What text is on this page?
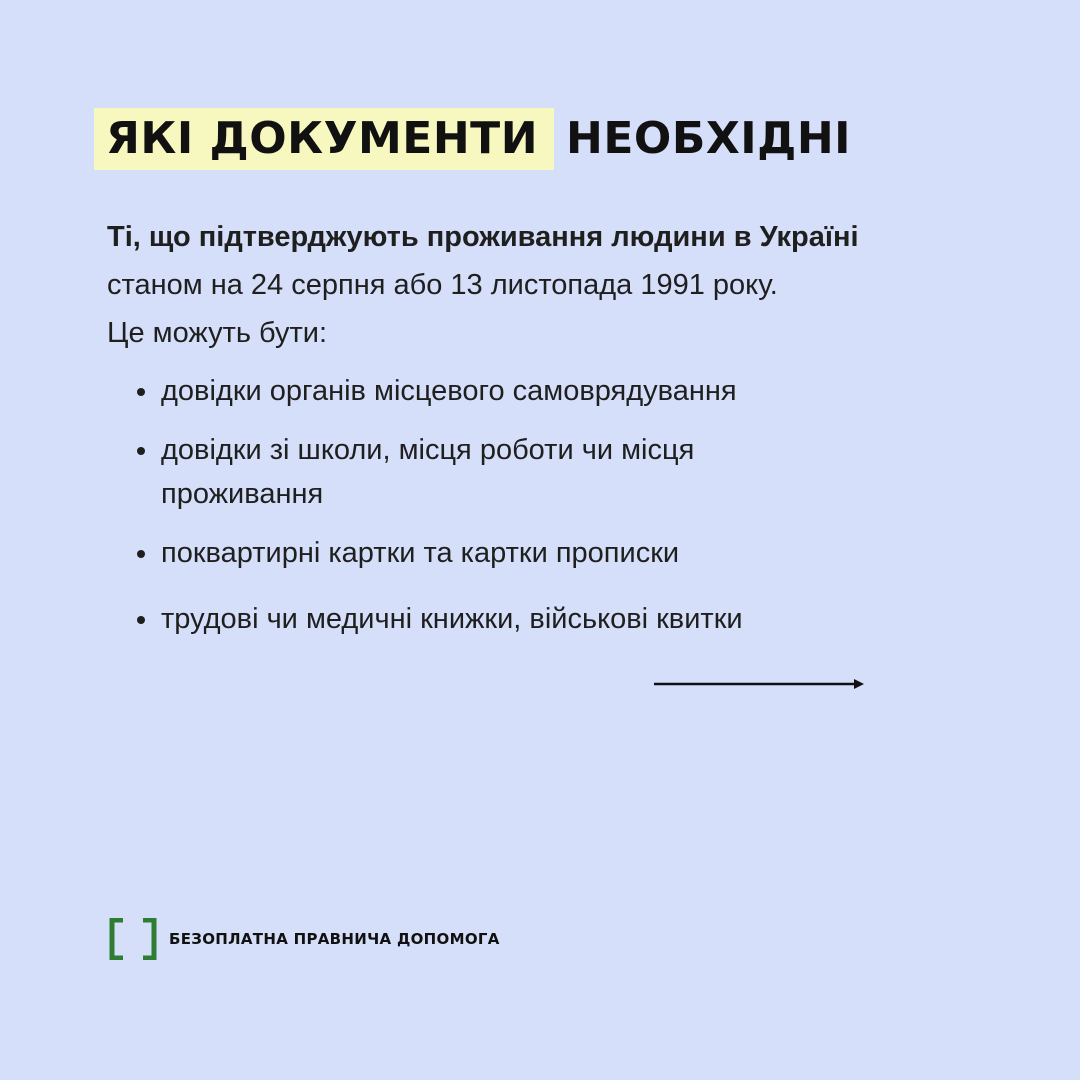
ЯКІ ДОКУМЕНТИ НЕОБХІДНІ
Ті, що підтверджують проживання людини в Україні
станом на 24 серпня або 13 листопада 1991 року.
Це можуть бути:
довідки органів місцевого самоврядування
довідки зі школи, місця роботи чи місця проживання
поквартирні картки та картки прописки
трудові чи медичні книжки, військові квитки
БЕЗОПЛАТНА ПРАВНИЧА ДОПОМОГА
